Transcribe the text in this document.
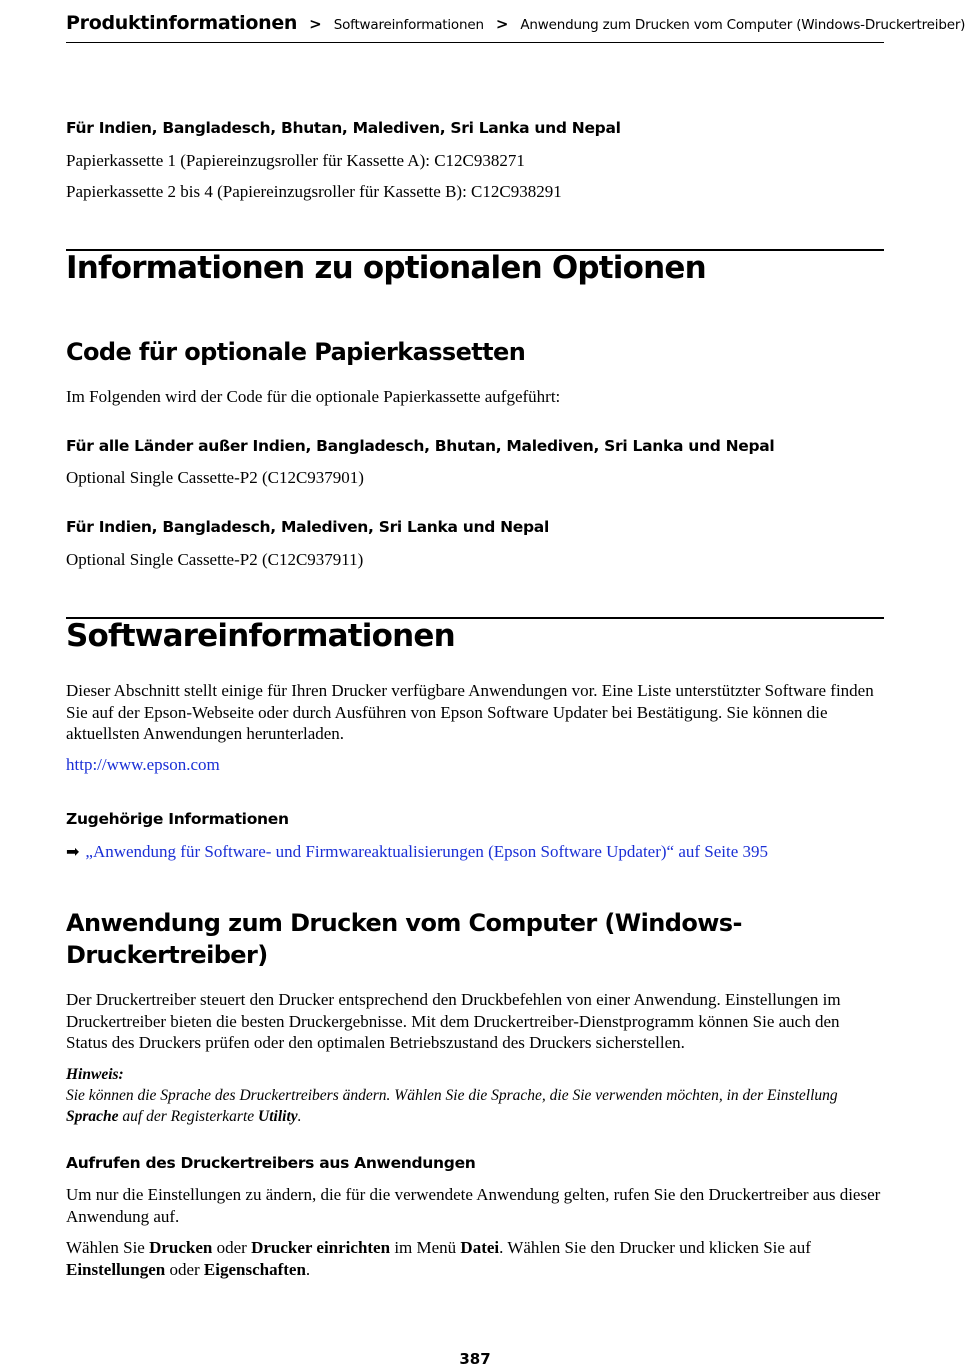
Produktinformationen > Softwareinformationen > Anwendung zum Drucken vom Computer (Windows-Druckertreiber)
Für Indien, Bangladesch, Bhutan, Malediven, Sri Lanka und Nepal
Papierkassette 1 (Papiereinzugsroller für Kassette A): C12C938271
Papierkassette 2 bis 4 (Papiereinzugsroller für Kassette B): C12C938291
Informationen zu optionalen Optionen
Code für optionale Papierkassetten
Im Folgenden wird der Code für die optionale Papierkassette aufgeführt:
Für alle Länder außer Indien, Bangladesch, Bhutan, Malediven, Sri Lanka und Nepal
Optional Single Cassette-P2 (C12C937901)
Für Indien, Bangladesch, Malediven, Sri Lanka und Nepal
Optional Single Cassette-P2 (C12C937911)
Softwareinformationen
Dieser Abschnitt stellt einige für Ihren Drucker verfügbare Anwendungen vor. Eine Liste unterstützter Software finden Sie auf der Epson-Webseite oder durch Ausführen von Epson Software Updater bei Bestätigung. Sie können die aktuellsten Anwendungen herunterladen.
http://www.epson.com
Zugehörige Informationen
➡ „Anwendung für Software- und Firmwareaktualisierungen (Epson Software Updater)“ auf Seite 395
Anwendung zum Drucken vom Computer (Windows-Druckertreiber)
Der Druckertreiber steuert den Drucker entsprechend den Druckbefehlen von einer Anwendung. Einstellungen im Druckertreiber bieten die besten Druckergebnisse. Mit dem Druckertreiber-Dienstprogramm können Sie auch den Status des Druckers prüfen oder den optimalen Betriebszustand des Druckers sicherstellen.
Hinweis:
Sie können die Sprache des Druckertreibers ändern. Wählen Sie die Sprache, die Sie verwenden möchten, in der Einstellung Sprache auf der Registerkarte Utility.
Aufrufen des Druckertreibers aus Anwendungen
Um nur die Einstellungen zu ändern, die für die verwendete Anwendung gelten, rufen Sie den Druckertreiber aus dieser Anwendung auf.
Wählen Sie Drucken oder Drucker einrichten im Menü Datei. Wählen Sie den Drucker und klicken Sie auf Einstellungen oder Eigenschaften.
387
